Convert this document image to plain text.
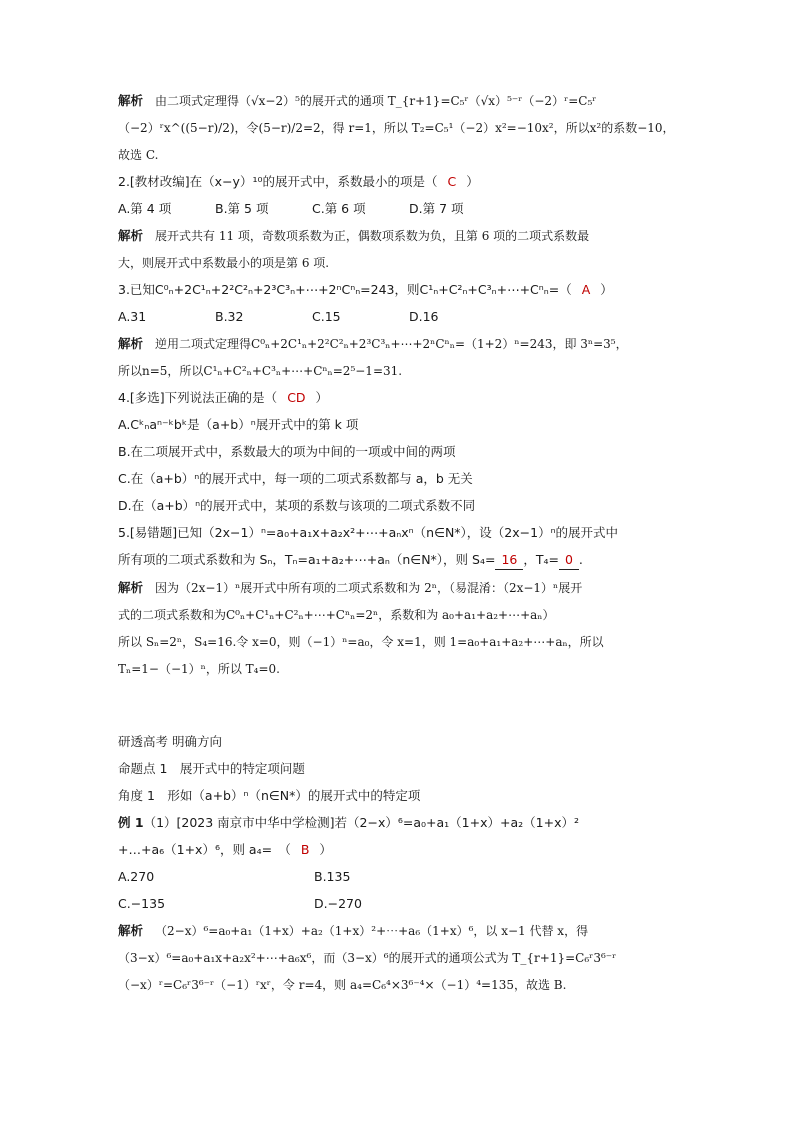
解析 由二项式定理得（√x−2）⁵的展开式的通项 T_{r+1}=C₅ʳ（√x）⁵⁻ʳ（−2）ʳ=C₅ʳ
（−2）ʳx^((5−r)/2)，令(5−r)/2=2，得 r=1，所以 T₂=C₅¹（−2）x²=−10x²，所以x²的系数−10，
故选 C.
2.[教材改编]在（x−y）¹⁰的展开式中，系数最小的项是（ C ）
A.第 4 项	B.第 5 项	C.第 6 项	D.第 7 项
解析 展开式共有 11 项，奇数项系数为正，偶数项系数为负，且第 6 项的二项式系数最
大，则展开式中系数最小的项是第 6 项.
3.已知C⁰ₙ+2C¹ₙ+2²C²ₙ+2³C³ₙ+⋯+2ⁿCⁿₙ=243，则C¹ₙ+C²ₙ+C³ₙ+⋯+Cⁿₙ=（ A ）
A.31	B.32	C.15	D.16
解析 逆用二项式定理得C⁰ₙ+2C¹ₙ+2²C²ₙ+2³C³ₙ+⋯+2ⁿCⁿₙ=（1+2）ⁿ=243，即 3ⁿ=3⁵，
所以n=5，所以C¹ₙ+C²ₙ+C³ₙ+⋯+Cⁿₙ=2⁵−1=31.
4.[多选]下列说法正确的是（ CD ）
A.Cᵏₙaⁿ⁻ᵏbᵏ是（a+b）ⁿ展开式中的第 k 项
B.在二项展开式中，系数最大的项为中间的一项或中间的两项
C.在（a+b）ⁿ的展开式中，每一项的二项式系数都与 a，b 无关
D.在（a+b）ⁿ的展开式中，某项的系数与该项的二项式系数不同
5.[易错题]已知（2x−1）ⁿ=a₀+a₁x+a₂x²+⋯+aₙxⁿ（n∈N*），设（2x−1）ⁿ的展开式中
所有项的二项式系数和为 Sₙ，Tₙ=a₁+a₂+⋯+aₙ（n∈N*），则 S₄= 16 ，T₄= 0 .
解析 因为（2x−1）ⁿ展开式中所有项的二项式系数和为 2ⁿ，（易混淆：（2x−1）ⁿ展开
式的二项式系数和为C⁰ₙ+C¹ₙ+C²ₙ+⋯+Cⁿₙ=2ⁿ，系数和为 a₀+a₁+a₂+⋯+aₙ）
所以 Sₙ=2ⁿ，S₄=16.令 x=0，则（−1）ⁿ=a₀，令 x=1，则 1=a₀+a₁+a₂+⋯+aₙ，所以
Tₙ=1−（−1）ⁿ，所以 T₄=0.
研透高考 明确方向
命题点 1　展开式中的特定项问题
角度 1　形如（a+b）ⁿ（n∈N*）的展开式中的特定项
例 1（1）[2023 南京市中华中学检测]若（2−x）⁶=a₀+a₁（1+x）+a₂（1+x）²
+…+a₆（1+x）⁶，则 a₄=　（ B ）
A.270	B.135
C.−135	D.−270
解析 （2−x）⁶=a₀+a₁（1+x）+a₂（1+x）²+⋯+a₆（1+x）⁶，以 x−1 代替 x，得
（3−x）⁶=a₀+a₁x+a₂x²+⋯+a₆x⁶，而（3−x）⁶的展开式的通项公式为 T_{r+1}=C₆ʳ3⁶⁻ʳ
（−x）ʳ=C₆ʳ3⁶⁻ʳ（−1）ʳxʳ，令 r=4，则 a₄=C₆⁴×3⁶⁻⁴×（−1）⁴=135，故选 B.
